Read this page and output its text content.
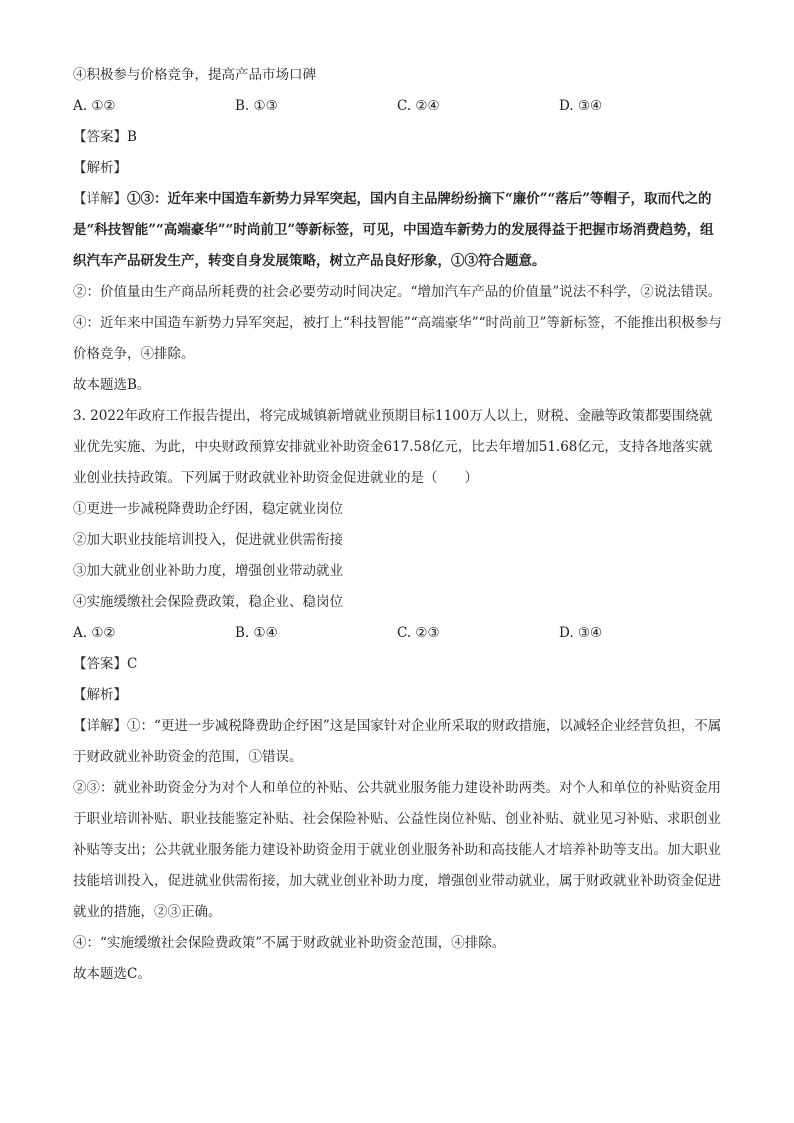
④积极参与价格竞争，提高产品市场口碑
A. ①②	B. ①③	C. ②④	D. ③④
【答案】B
【解析】
【详解】①③：近年来中国造车新势力异军突起，国内自主品牌纷纷摘下“廉价”“落后”等帽子，取而代之的是“科技智能”“高端豪华”“时尚前卫”等新标签，可见，中国造车新势力的发展得益于把握市场消费趋势，组织汽车产品研发生产，转变自身发展策略，树立产品良好形象，①③符合题意。
②：价值量由生产商品所耗费的社会必要劳动时间决定。“增加汽车产品的价值量”说法不科学，②说法错误。
④：近年来中国造车新势力异军突起，被打上“科技智能”“高端豪华”“时尚前卫”等新标签，不能推出积极参与价格竞争，④排除。
故本题选B。
3. 2022年政府工作报告提出，将完成城镇新增就业预期目标1100万人以上，财税、金融等政策都要围绕就业优先实施、为此，中央财政预算安排就业补助资金617.58亿元，比去年增加51.68亿元，支持各地落实就业创业扶持政策。下列属于财政就业补助资金促进就业的是（　　）
①更进一步减税降费助企纾困，稳定就业岗位
②加大职业技能培训投入，促进就业供需衔接
③加大就业创业补助力度，增强创业带动就业
④实施缓缴社会保险费政策，稳企业、稳岗位
A. ①②	B. ①④	C. ②③	D. ③④
【答案】C
【解析】
【详解】①：“更进一步减税降费助企纾困”这是国家针对企业所采取的财政措施，以减轻企业经营负担，不属于财政就业补助资金的范围，①错误。
②③：就业补助资金分为对个人和单位的补贴、公共就业服务能力建设补助两类。对个人和单位的补贴资金用于职业培训补贴、职业技能鉴定补贴、社会保险补贴、公益性岗位补贴、创业补贴、就业见习补贴、求职创业补贴等支出；公共就业服务能力建设补助资金用于就业创业服务补助和高技能人才培养补助等支出。加大职业技能培训投入，促进就业供需衔接，加大就业创业补助力度，增强创业带动就业，属于财政就业补助资金促进就业的措施，②③正确。
④：“实施缓缴社会保险费政策”不属于财政就业补助资金范围，④排除。
故本题选C。
